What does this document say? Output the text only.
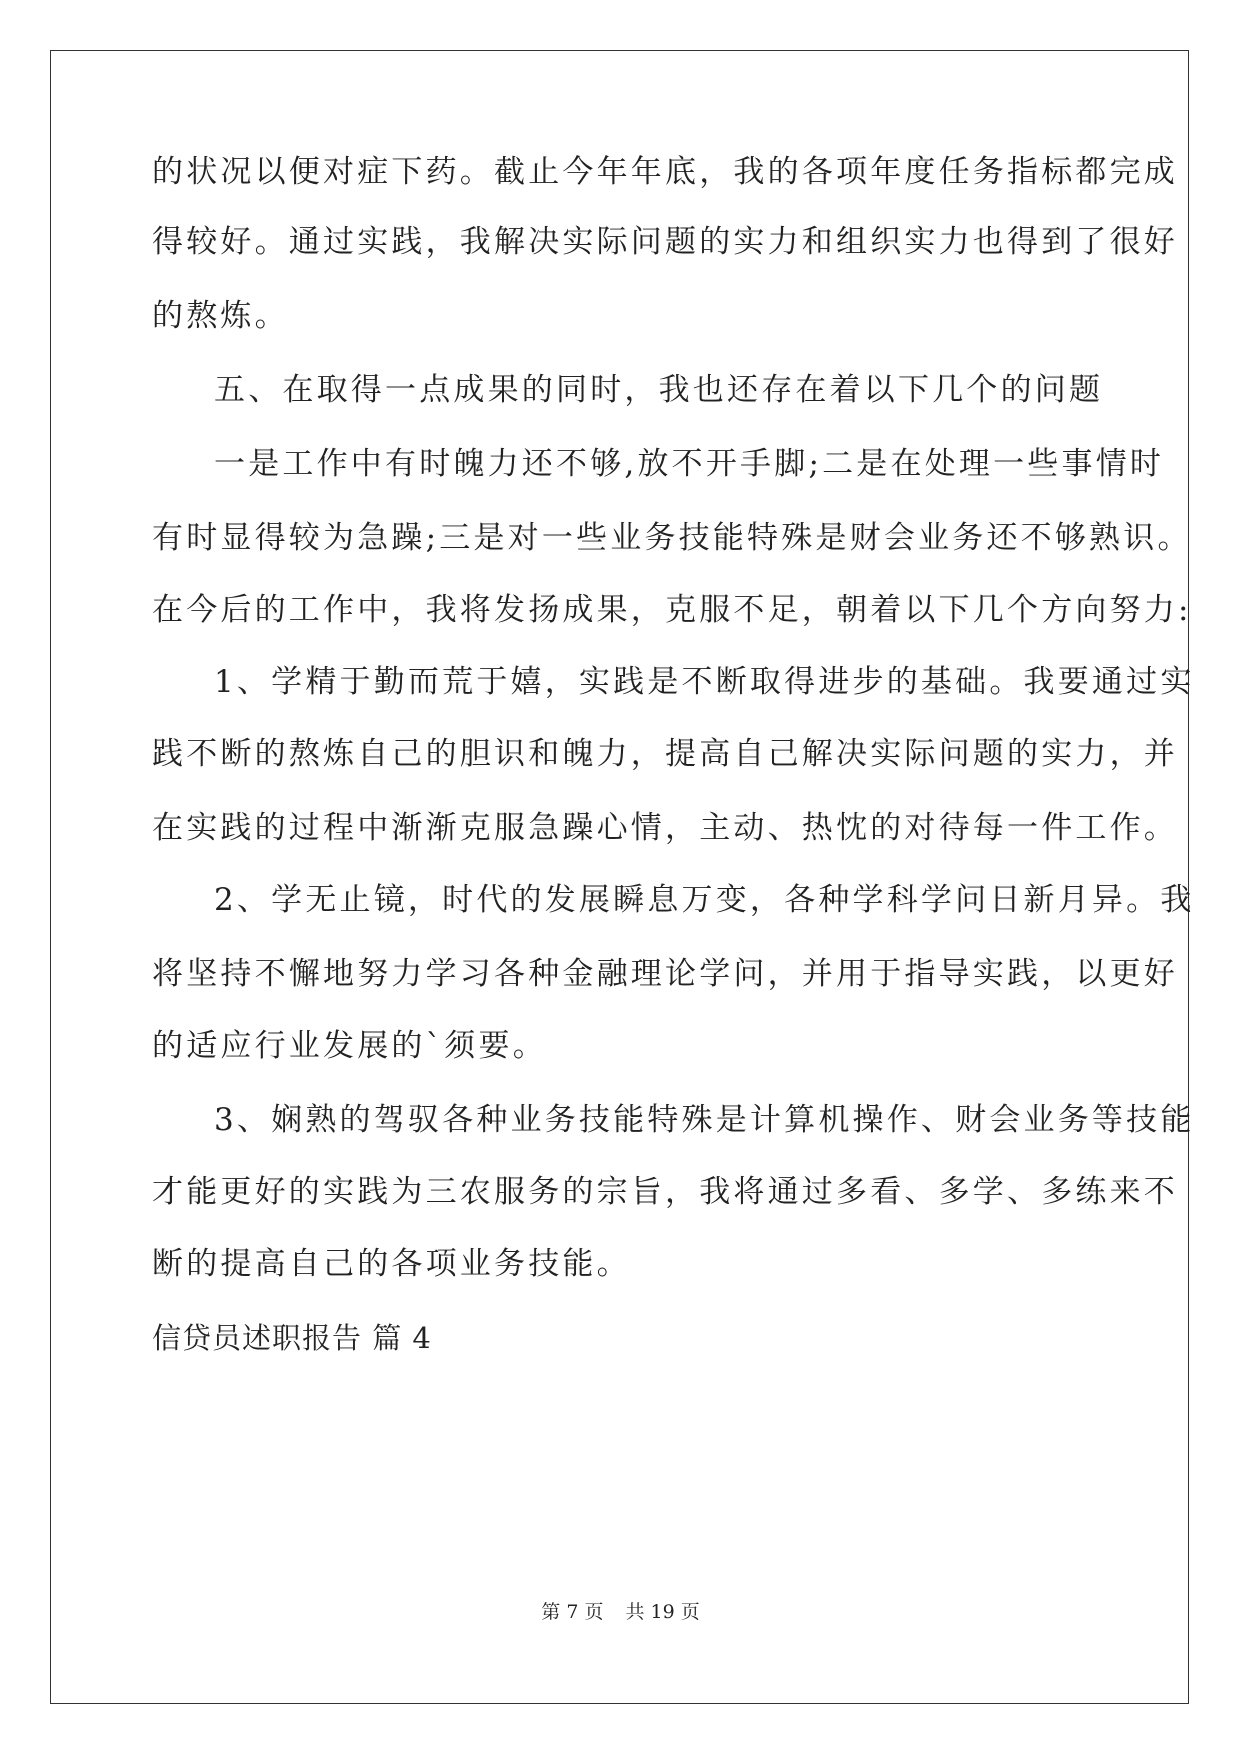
的状况以便对症下药。截止今年年底，我的各项年度任务指标都完成
得较好。通过实践，我解决实际问题的实力和组织实力也得到了很好
的熬炼。
五、在取得一点成果的同时，我也还存在着以下几个的问题
一是工作中有时魄力还不够,放不开手脚;二是在处理一些事情时
有时显得较为急躁;三是对一些业务技能特殊是财会业务还不够熟识。
在今后的工作中，我将发扬成果，克服不足，朝着以下几个方向努力:
1、学精于勤而荒于嬉，实践是不断取得进步的基础。我要通过实
践不断的熬炼自己的胆识和魄力，提高自己解决实际问题的实力，并
在实践的过程中渐渐克服急躁心情，主动、热忱的对待每一件工作。
2、学无止镜，时代的发展瞬息万变，各种学科学问日新月异。我
将坚持不懈地努力学习各种金融理论学问，并用于指导实践，以更好
的适应行业发展的`须要。
3、娴熟的驾驭各种业务技能特殊是计算机操作、财会业务等技能
才能更好的实践为三农服务的宗旨，我将通过多看、多学、多练来不
断的提高自己的各项业务技能。
信贷员述职报告 篇 4
第 7 页 共 19 页
